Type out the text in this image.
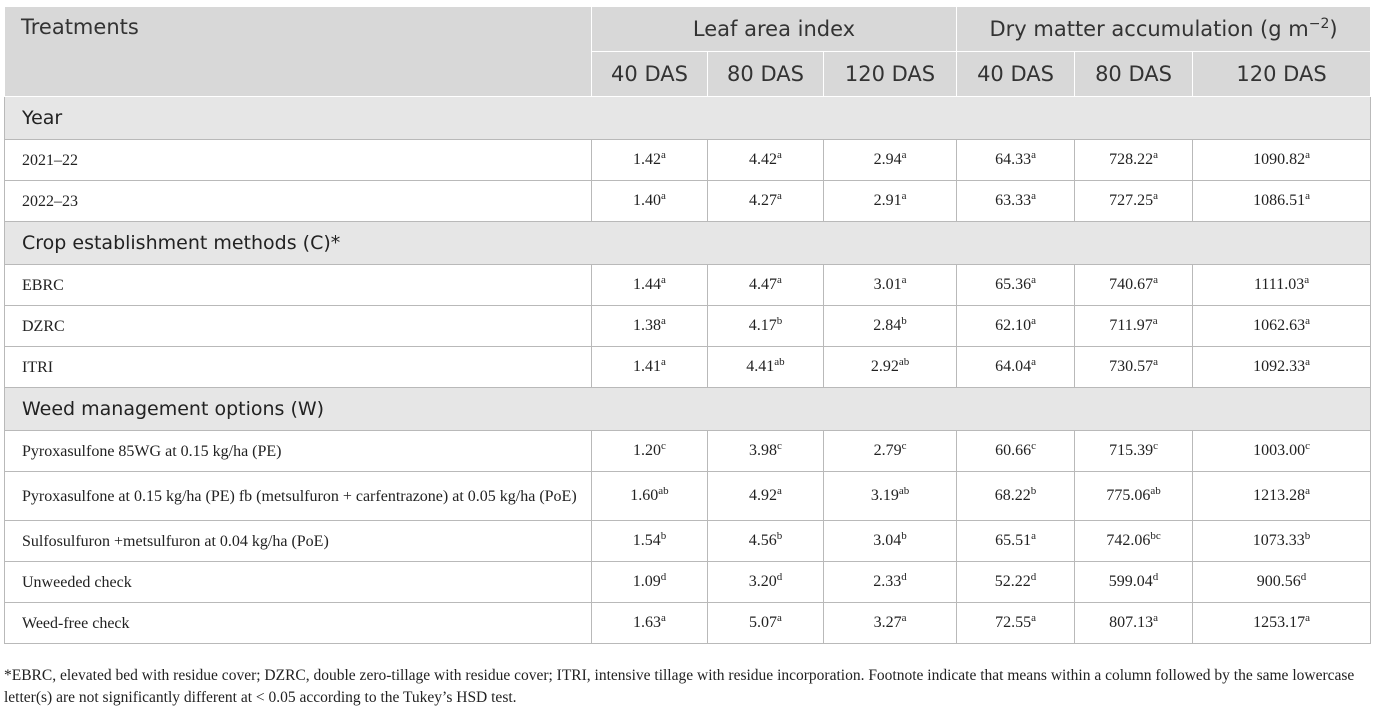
Treatments	Leaf area index			Dry matter accumulation (g $m^{-2}$)		
	40 DAS	80 DAS	120 DAS	40 DAS	80 DAS	120 DAS
Year						
2021–22	1.42$^a$	4.42$^a$	2.94$^a$	64.33$^a$	728.22$^a$	1090.82$^a$
2022–23	1.40$^a$	4.27$^a$	2.91$^a$	63.33$^a$	727.25$^a$	1086.51$^a$
Crop establishment methods (C)*						
EBRC	1.44$^a$	4.47$^a$	3.01$^a$	65.36$^a$	740.67$^a$	1111.03$^a$
DZRC	1.38$^a$	4.17$^b$	2.84$^b$	62.10$^a$	711.97$^a$	1062.63$^a$
ITRI	1.41$^a$	4.41$^{ab}$	2.92$^{ab}$	64.04$^a$	730.57$^a$	1092.33$^a$
Weed management options (W)						
Pyroxasulfone 85WG at 0.15 kg/ha (PE)	1.20$^c$	3.98$^c$	2.79$^c$	60.66$^c$	715.39$^c$	1003.00$^c$
Pyroxasulfone at 0.15 kg/ha (PE) fb (metsulfuron + carfentrazone) at 0.05 kg/ha (PoE)	1.60$^{ab}$	4.92$^a$	3.19$^{ab}$	68.22$^b$	775.06$^{ab}$	1213.28$^a$
Sulfosulfuron +metsulfuron at 0.04 kg/ha (PoE)	1.54$^b$	4.56$^b$	3.04$^b$	65.51$^a$	742.06$^{bc}$	1073.33$^b$
Unweeded check	1.09$^d$	3.20$^d$	2.33$^d$	52.22$^d$	599.04$^d$	900.56$^d$
Weed-free check	1.63$^a$	5.07$^a$	3.27$^a$	72.55$^a$	807.13$^a$	1253.17$^a$
*EBRC, elevated bed with residue cover; DZRC, double zero-tillage with residue cover; ITRI, intensive tillage with residue incorporation. Footnote indicate that means within a column followed by the same lowercase letter(s) are not significantly different at < 0.05 according to the Tukey’s HSD test.
